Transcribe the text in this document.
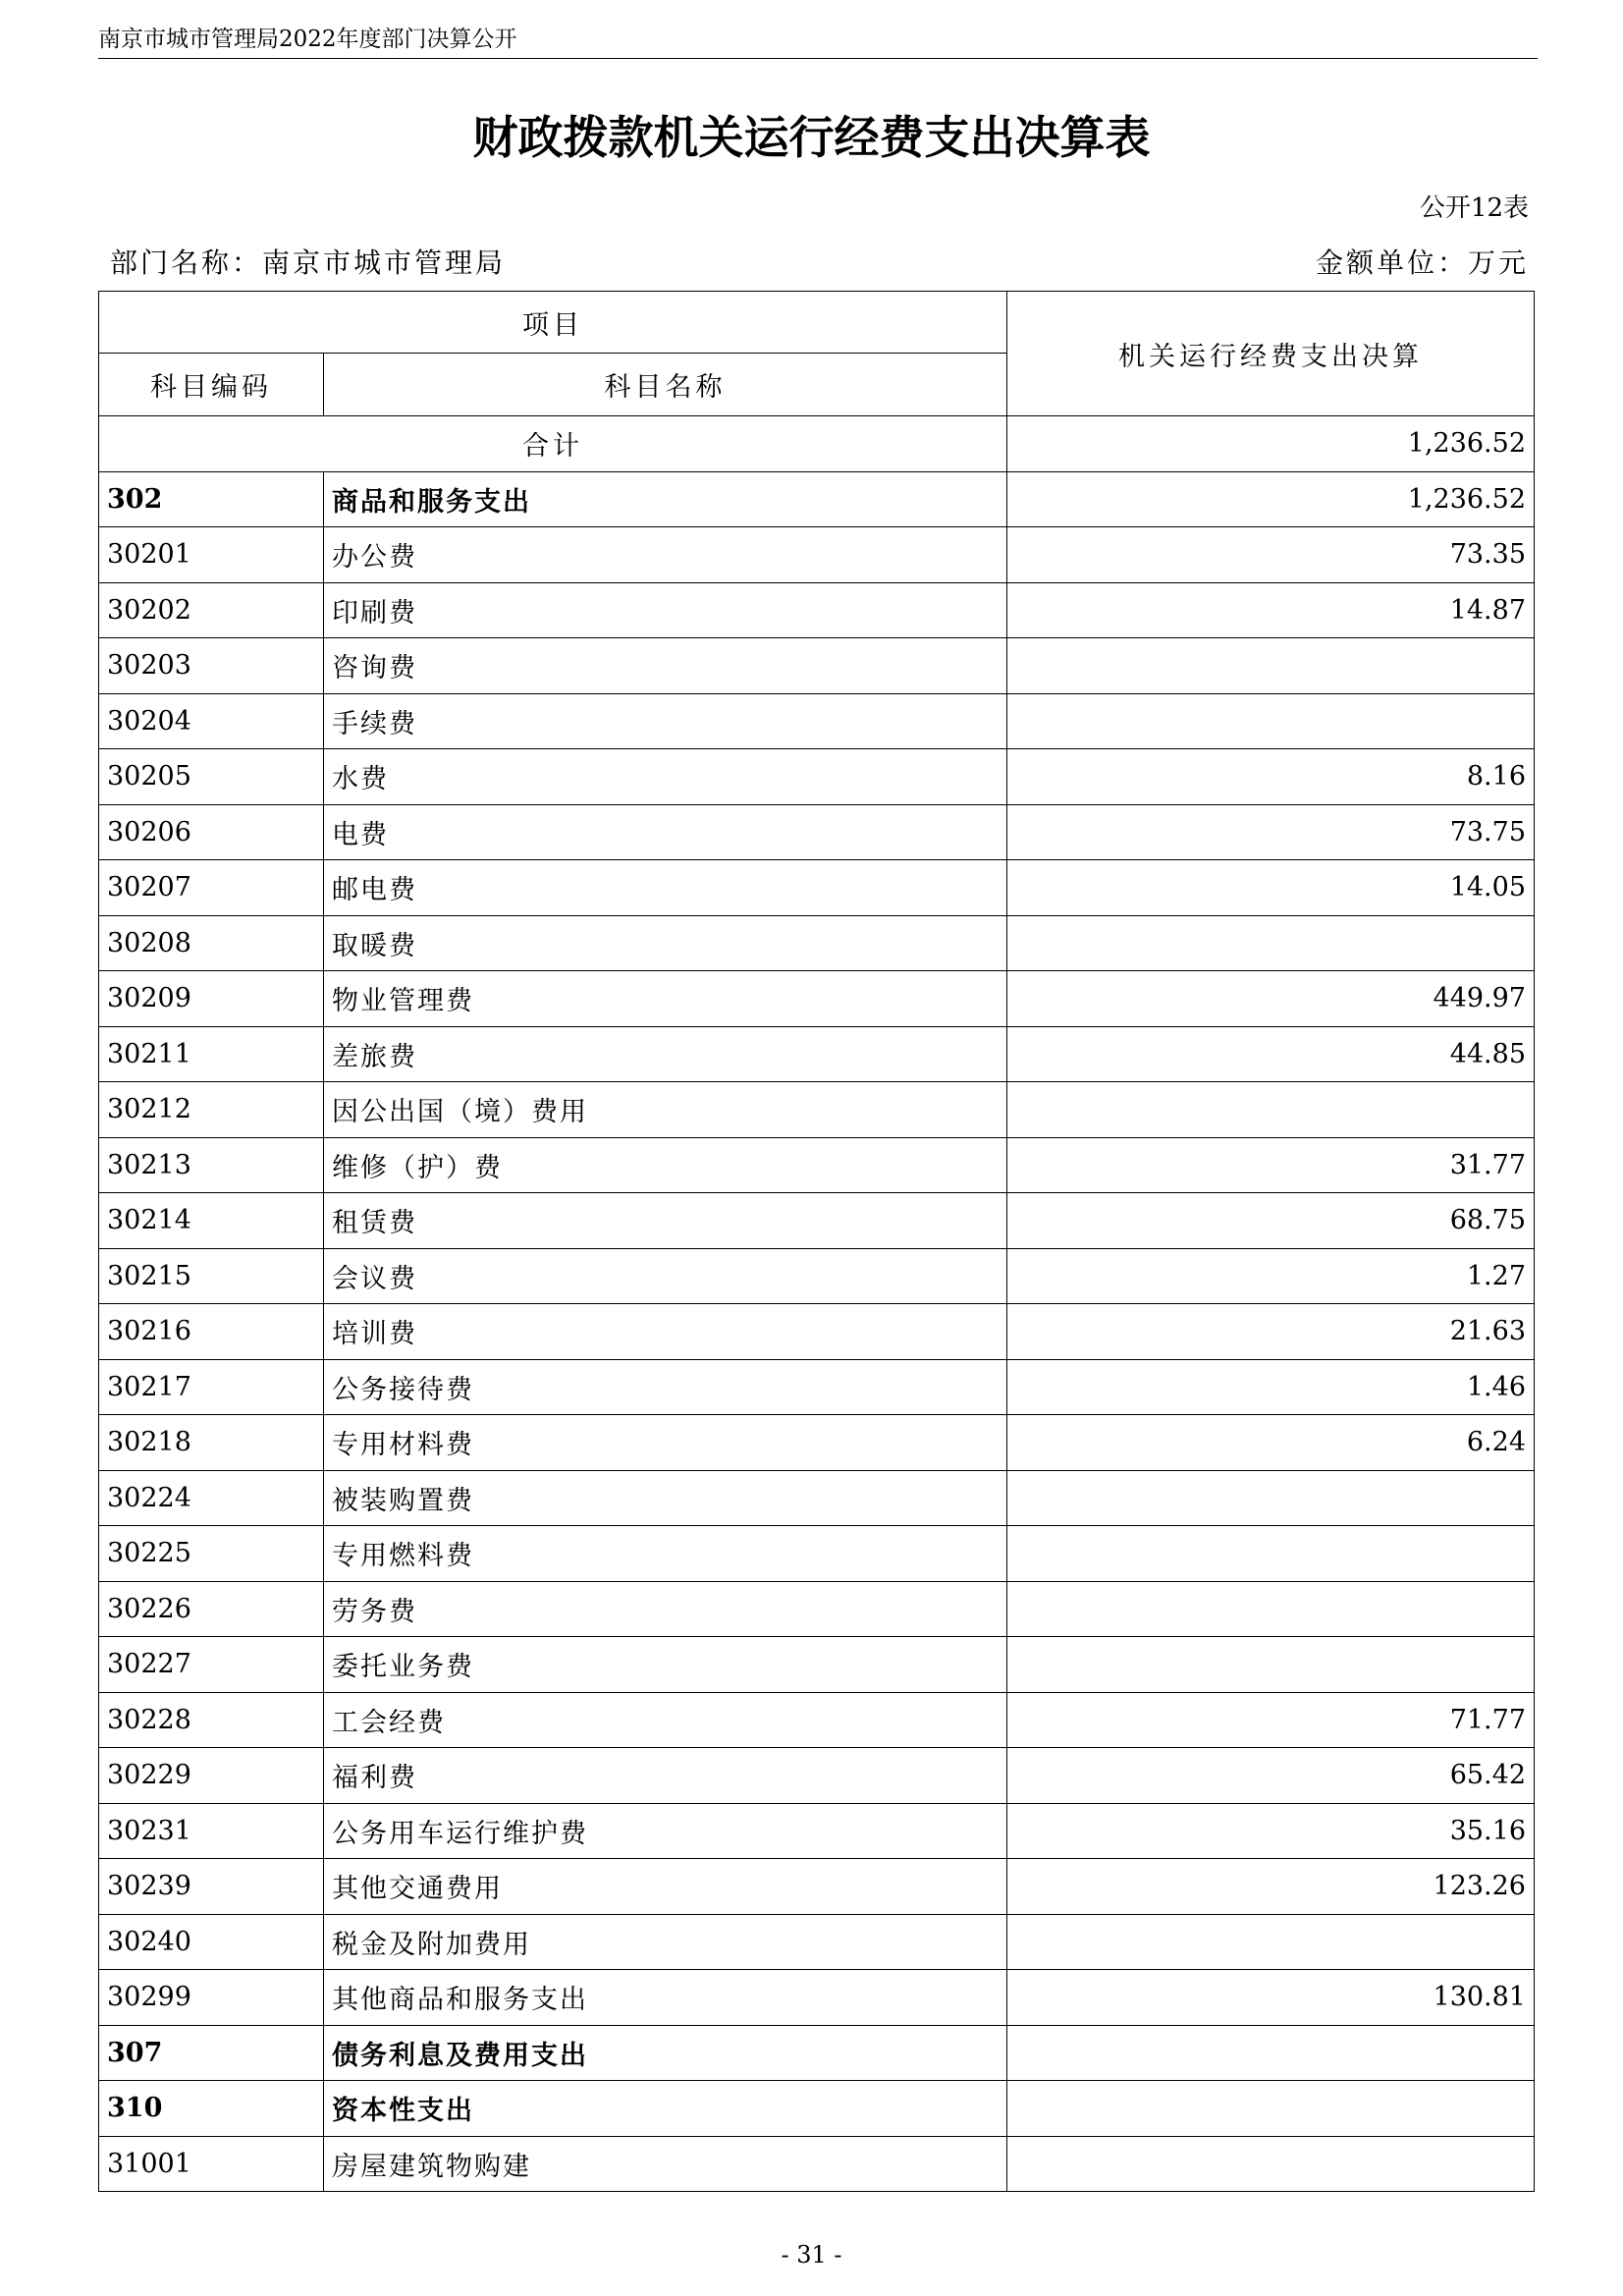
南京市城市管理局2022年度部门决算公开
财政拨款机关运行经费支出决算表
公开12表
部门名称：南京市城市管理局	金额单位：万元
项目		机关运行经费支出决算
科目编码	科目名称	
合计		1,236.52
302	商品和服务支出	1,236.52
30201	办公费	73.35
30202	印刷费	14.87
30203	咨询费	
30204	手续费	
30205	水费	8.16
30206	电费	73.75
30207	邮电费	14.05
30208	取暖费	
30209	物业管理费	449.97
30211	差旅费	44.85
30212	因公出国（境）费用	
30213	维修（护）费	31.77
30214	租赁费	68.75
30215	会议费	1.27
30216	培训费	21.63
30217	公务接待费	1.46
30218	专用材料费	6.24
30224	被装购置费	
30225	专用燃料费	
30226	劳务费	
30227	委托业务费	
30228	工会经费	71.77
30229	福利费	65.42
30231	公务用车运行维护费	35.16
30239	其他交通费用	123.26
30240	税金及附加费用	
30299	其他商品和服务支出	130.81
307	债务利息及费用支出	
310	资本性支出	
31001	房屋建筑物购建	
- 31 -
